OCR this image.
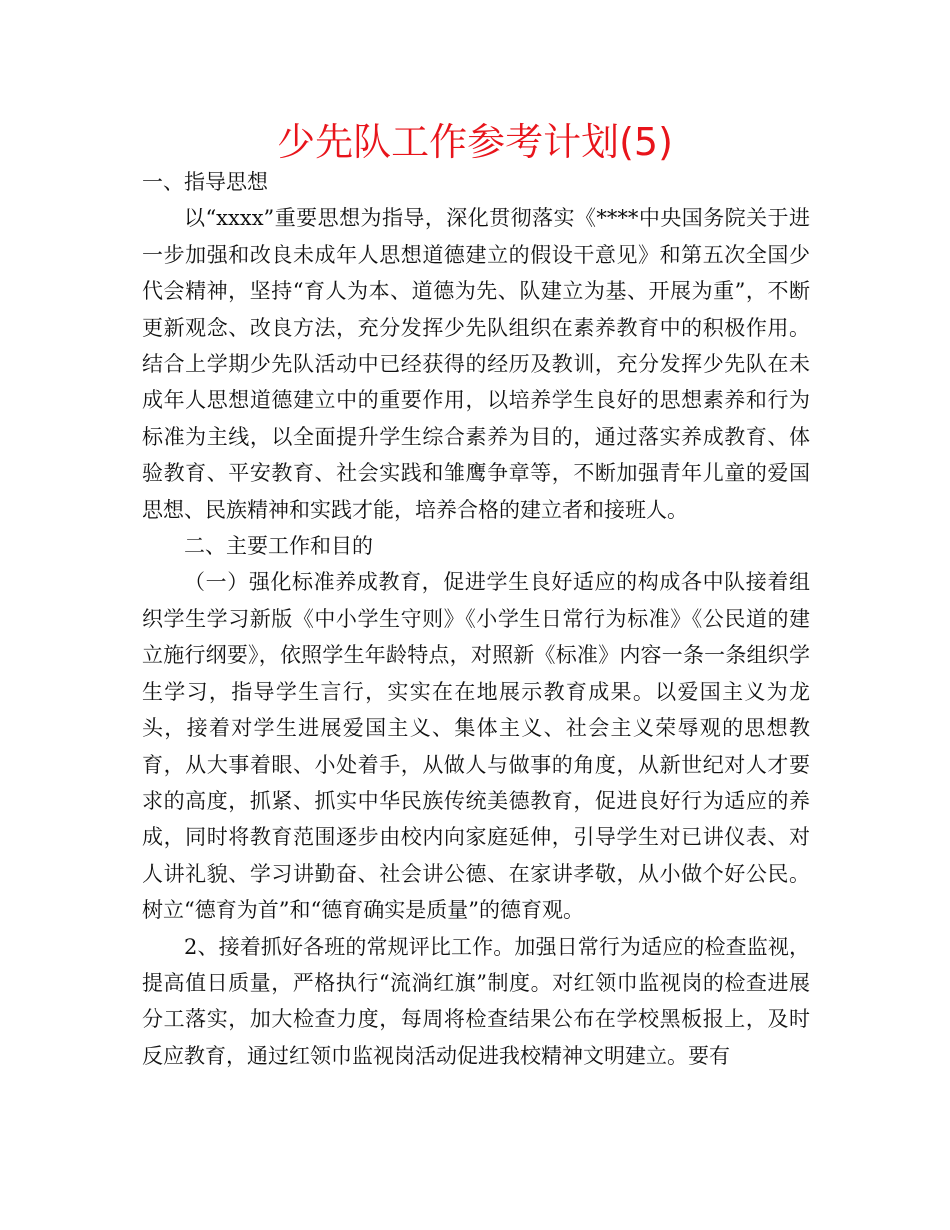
少先队工作参考计划(5)

一、指导思想

以“xxxx”重要思想为指导，深化贯彻落实《****中央国务院关于进一步加强和改良未成年人思想道德建立的假设干意见》和第五次全国少代会精神，坚持“育人为本、道德为先、队建立为基、开展为重”，不断更新观念、改良方法，充分发挥少先队组织在素养教育中的积极作用。结合上学期少先队活动中已经获得的经历及教训，充分发挥少先队在未成年人思想道德建立中的重要作用，以培养学生良好的思想素养和行为标准为主线，以全面提升学生综合素养为目的，通过落实养成教育、体验教育、平安教育、社会实践和雏鹰争章等，不断加强青年儿童的爱国思想、民族精神和实践才能，培养合格的建立者和接班人。

二、主要工作和目的

（一）强化标准养成教育，促进学生良好适应的构成各中队接着组织学生学习新版《中小学生守则》《小学生日常行为标准》《公民道的建立施行纲要》，依照学生年龄特点，对照新《标准》内容一条一条组织学生学习，指导学生言行，实实在在地展示教育成果。以爱国主义为龙头，接着对学生进展爱国主义、集体主义、社会主义荣辱观的思想教育，从大事着眼、小处着手，从做人与做事的角度，从新世纪对人才要求的高度，抓紧、抓实中华民族传统美德教育，促进良好行为适应的养成，同时将教育范围逐步由校内向家庭延伸，引导学生对已讲仪表、对人讲礼貌、学习讲勤奋、社会讲公德、在家讲孝敬，从小做个好公民。树立“德育为首”和“德育确实是质量”的德育观。

2、接着抓好各班的常规评比工作。加强日常行为适应的检查监视，提高值日质量，严格执行“流淌红旗”制度。对红领巾监视岗的检查进展分工落实，加大检查力度，每周将检查结果公布在学校黑板报上，及时反应教育，通过红领巾监视岗活动促进我校精神文明建立。要有
